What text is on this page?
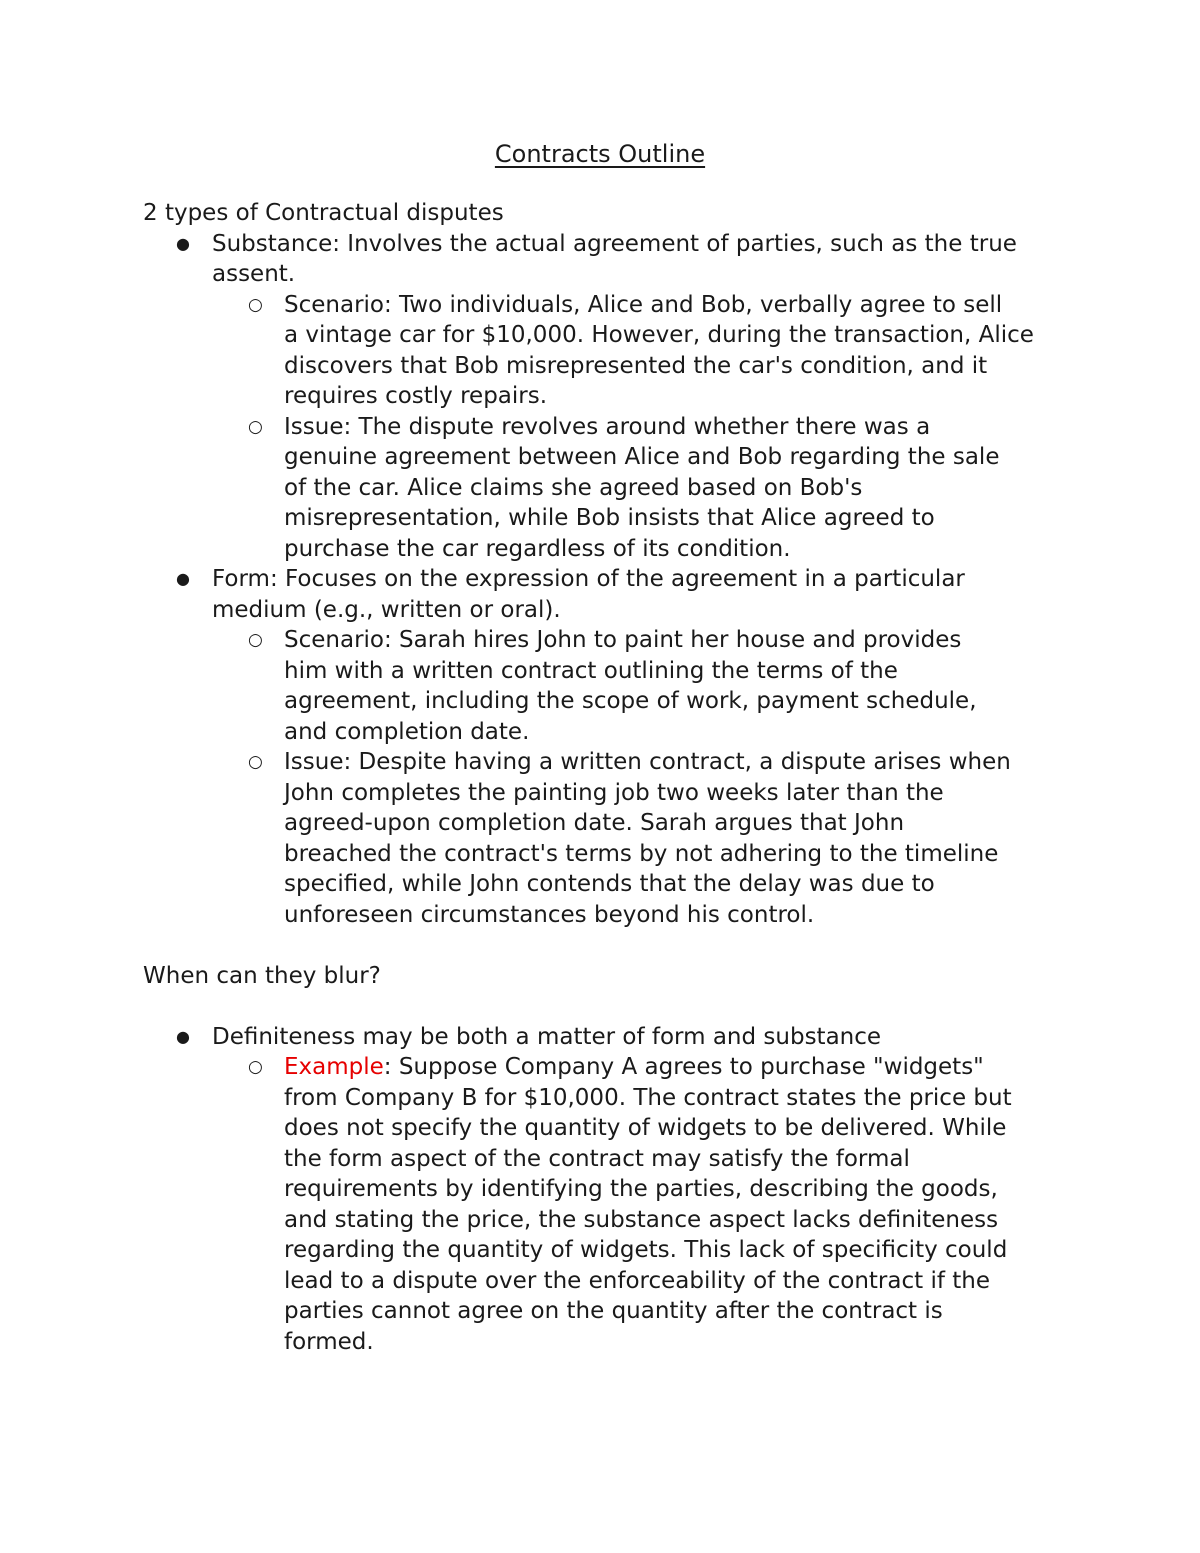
Contracts Outline
2 types of Contractual disputes
● Substance: Involves the actual agreement of parties, such as the true
assent.
○ Scenario: Two individuals, Alice and Bob, verbally agree to sell
a vintage car for $10,000. However, during the transaction, Alice
discovers that Bob misrepresented the car's condition, and it
requires costly repairs.
○ Issue: The dispute revolves around whether there was a
genuine agreement between Alice and Bob regarding the sale
of the car. Alice claims she agreed based on Bob's
misrepresentation, while Bob insists that Alice agreed to
purchase the car regardless of its condition.
● Form: Focuses on the expression of the agreement in a particular
medium (e.g., written or oral).
○ Scenario: Sarah hires John to paint her house and provides
him with a written contract outlining the terms of the
agreement, including the scope of work, payment schedule,
and completion date.
○ Issue: Despite having a written contract, a dispute arises when
John completes the painting job two weeks later than the
agreed-upon completion date. Sarah argues that John
breached the contract's terms by not adhering to the timeline
specified, while John contends that the delay was due to
unforeseen circumstances beyond his control.
When can they blur?
● Definiteness may be both a matter of form and substance
○ Example: Suppose Company A agrees to purchase "widgets"
from Company B for $10,000. The contract states the price but
does not specify the quantity of widgets to be delivered. While
the form aspect of the contract may satisfy the formal
requirements by identifying the parties, describing the goods,
and stating the price, the substance aspect lacks definiteness
regarding the quantity of widgets. This lack of specificity could
lead to a dispute over the enforceability of the contract if the
parties cannot agree on the quantity after the contract is
formed.
